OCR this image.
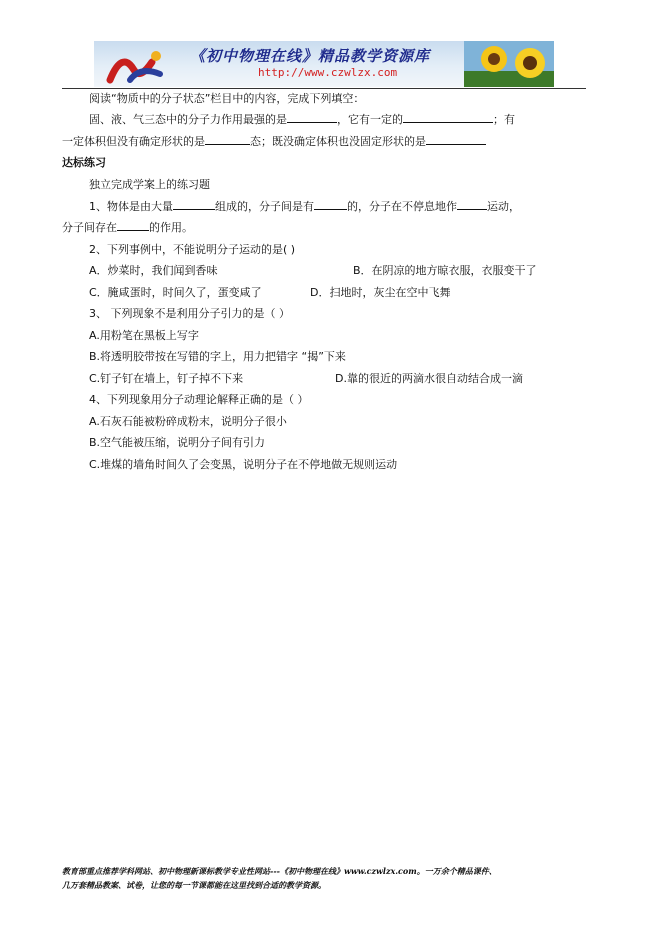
《初中物理在线》精品教学资源库
http://www.czwlzx.com
阅读“物质中的分子状态”栏目中的内容，完成下列填空：
固、液、气三态中的分子力作用最强的是	，它有一定的	；有
一定体积但没有确定形状的是	态；既没确定体积也没固定形状的是
达标练习
独立完成学案上的练习题
1、物体是由大量	组成的，分子间是有	的，分子在不停息地作	运动，
分子间存在	的作用。
2、下列事例中，不能说明分子运动的是( )
A．炒菜时，我们闻到香味	B．在阴凉的地方晾衣服，衣服变干了
C．腌咸蛋时，时间久了，蛋变咸了	D．扫地时，灰尘在空中飞舞
3、 下列现象不是利用分子引力的是（ ）
A.用粉笔在黑板上写字
B.将透明胶带按在写错的字上，用力把错字 “揭”下来
C.钉子钉在墙上，钉子掉不下来	D.靠的很近的两滴水很自动结合成一滴
4、下列现象用分子动理论解释正确的是（ ）
A.石灰石能被粉碎成粉末，说明分子很小
B.空气能被压缩，说明分子间有引力
C.堆煤的墙角时间久了会变黑，说明分子在不停地做无规则运动
教育部重点推荐学科网站、初中物理新课标教学专业性网站---《初中物理在线》www.czwlzx.com。一万余个精品课件、
几万套精品教案、试卷，让您的每一节课都能在这里找到合适的教学资源。
